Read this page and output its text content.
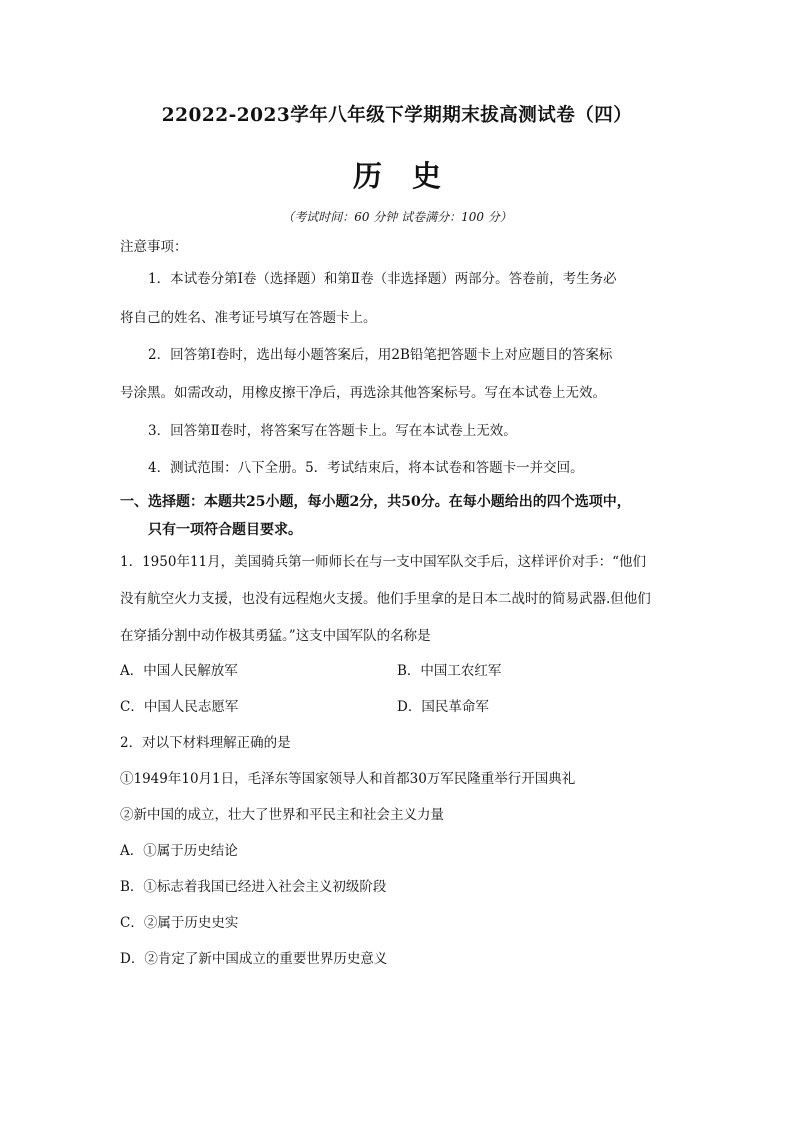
22022-2023学年八年级下学期期末拔高测试卷（四）
历史
（考试时间：60 分钟 试卷满分：100 分）
注意事项：
1．本试卷分第Ⅰ卷（选择题）和第Ⅱ卷（非选择题）两部分。答卷前，考生务必
将自己的姓名、准考证号填写在答题卡上。
2．回答第Ⅰ卷时，选出每小题答案后，用2B铅笔把答题卡上对应题目的答案标
号涂黑。如需改动，用橡皮擦干净后，再选涂其他答案标号。写在本试卷上无效。
3．回答第Ⅱ卷时，将答案写在答题卡上。写在本试卷上无效。
4．测试范围：八下全册。5．考试结束后，将本试卷和答题卡一并交回。
一、选择题：本题共25小题，每小题2分，共50分。在每小题给出的四个选项中，
只有一项符合题目要求。
1．1950年11月，美国骑兵第一师师长在与一支中国军队交手后，这样评价对手：“他们
没有航空火力支援，也没有远程炮火支援。他们手里拿的是日本二战时的简易武器.但他们
在穿插分割中动作极其勇猛。”这支中国军队的名称是
A．中国人民解放军	B．中国工农红军
C．中国人民志愿军	D．国民革命军
2．对以下材料理解正确的是
①1949年10月1日，毛泽东等国家领导人和首都30万军民隆重举行开国典礼
②新中国的成立，壮大了世界和平民主和社会主义力量
A．①属于历史结论
B．①标志着我国已经进入社会主义初级阶段
C．②属于历史史实
D．②肯定了新中国成立的重要世界历史意义
